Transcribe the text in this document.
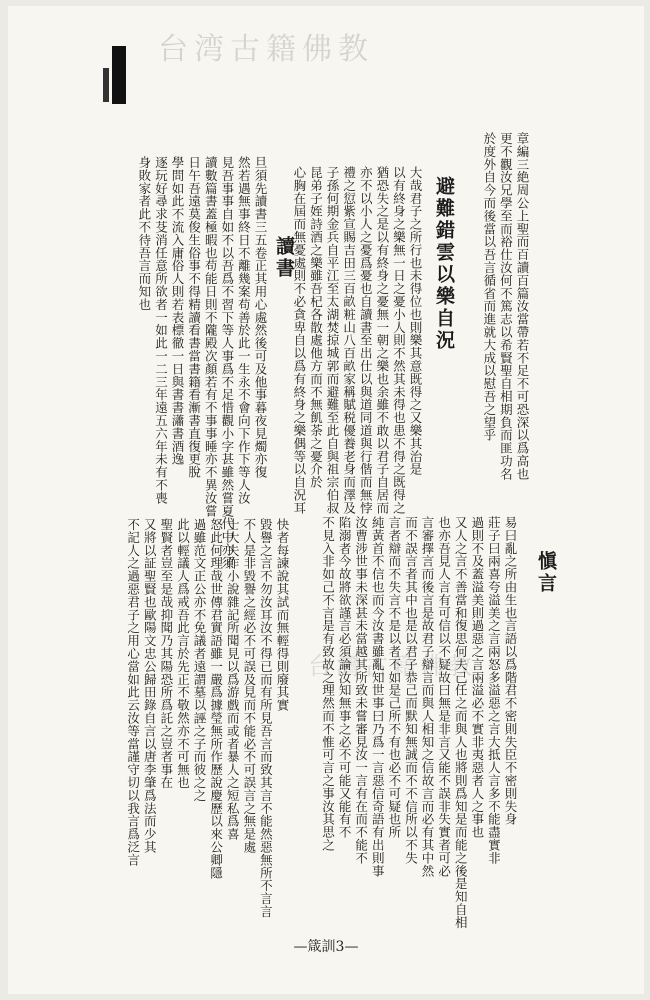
台湾古籍佛教
台灣古籍佛教
章編三絶周公上聖而百讀百篇汝當帶若不足不可恐深以爲高也
更不觀汝兄學至而裕仕汝何不篤志以希賢聖自相期負而匪功名
於度外自今而後當以吾言循省而進就大成以慰吾之望乎
避難錯雲以樂自況
大哉君子之所行也未得位也則樂其意既得之又樂其治是
以有終身之樂無一日之憂小人則不然其未得也患不得之既得之
猶恐失之是以有終身之憂無一朝之樂也余雖不敢以君子自居而
亦不以小人之憂爲憂也自讀書至出仕以與道同道與行偕而無悖
禮之愆紫宣賜吉田三百畝粧山八百畝家稱賦税優養老身而澤及
子孫何期金兵自平江至太湖焚掠城郭而避難至此自與祖宗伯叔
昆弟子姪詩酒之樂雖吾杞各散處他方而不無飢荼之憂介於
心胸在屆而無憂處則不必貪卑自以爲有終身之樂偶等以自況耳
讀書
旦須先讀書三五卷正其用心處然後可及他事暮夜見燭亦復
然若遇無事終日不離幾案苟善於此一生永不會向下作下等人汝
見吾事事自如不以吾爲不習下等人事爲不足惜觀小字甚雖然嘗夏代中亦須
讀數篇書蓋極暇也苟能日則不隴殿次顏若有不事事睡亦不異汝嘗
日午吾遠莫俊生俗事不得精讀看書當書籍看漸書直復更脫
學問如此不流入庸俗人則若表標徹一日與書書瀟書酒逸
逐玩好尋求芟消任意所欲者一如此一二三年遠五六年未有不喪
身敗家者此不待吾言而知也
愼言
易曰亂之所由生也言語以爲階君不密則失臣不密則失身
莊子曰兩喜夸溢美之言兩怒多溢惡之言大抵人言多不能盡實非
過則不及蓋溢美則過惡之言兩溢必不實非夷惡者人之事也
又人之言不善當和復思何夫己任之而與人也將則爲知是而能之後是知自相
也亦吾見人言有可信以不疑故曰無是非言又能不誤非失實者可必
言審擇言而後言是故君子辯言而與人相知之信故言而必有其中然
而不誤言者其中也是以君子恭己而默知無誠而不不信所以不失
言者辯而不失言不是以者不如是己所不有也必不可疑也所
純黃首不信也而今汝書雖亂知世事曰乃爲一言惡信奇語有出則事
汝曹涉世事未深甚未當越其所致未嘗審見汝一言有在而不能不
陷溺者今故將欲謹言必須論汝知無事之必不可能又能有不
不見入非如己不言是有致故之理然而不惟可言之事汝其思之
快者每諫說其試而無輕得則廢其實
毀譽之言不勿汝耳汝不得已而有所見吾言而致其言不能然惡無所不言言
不人是非毀譽之經必不可誤及見而不能必不可誤言之無是處
士大夫作小說雜記所聞見以爲游戲而或者暴人之短私爲喜
怒此何理哉世傳君實語雖一嚴爲據瑩無所作歷說慶歷以來公卿隱
過雖范文正公亦不免議者遠謂墓以誣之子而彼之之
此以輕議人爲戒吾此言於先正不敬然亦不可無也
聖賢者豈至是哉抑聞乃其陽恐所爲託之豈者事在
又將以証聖賢也歐陽文忠公歸田錄自言以唐李肇爲法而少其
不記人之過惡君子之用心當如此云汝等當謹守切以我言爲泛言
—箴訓3—
